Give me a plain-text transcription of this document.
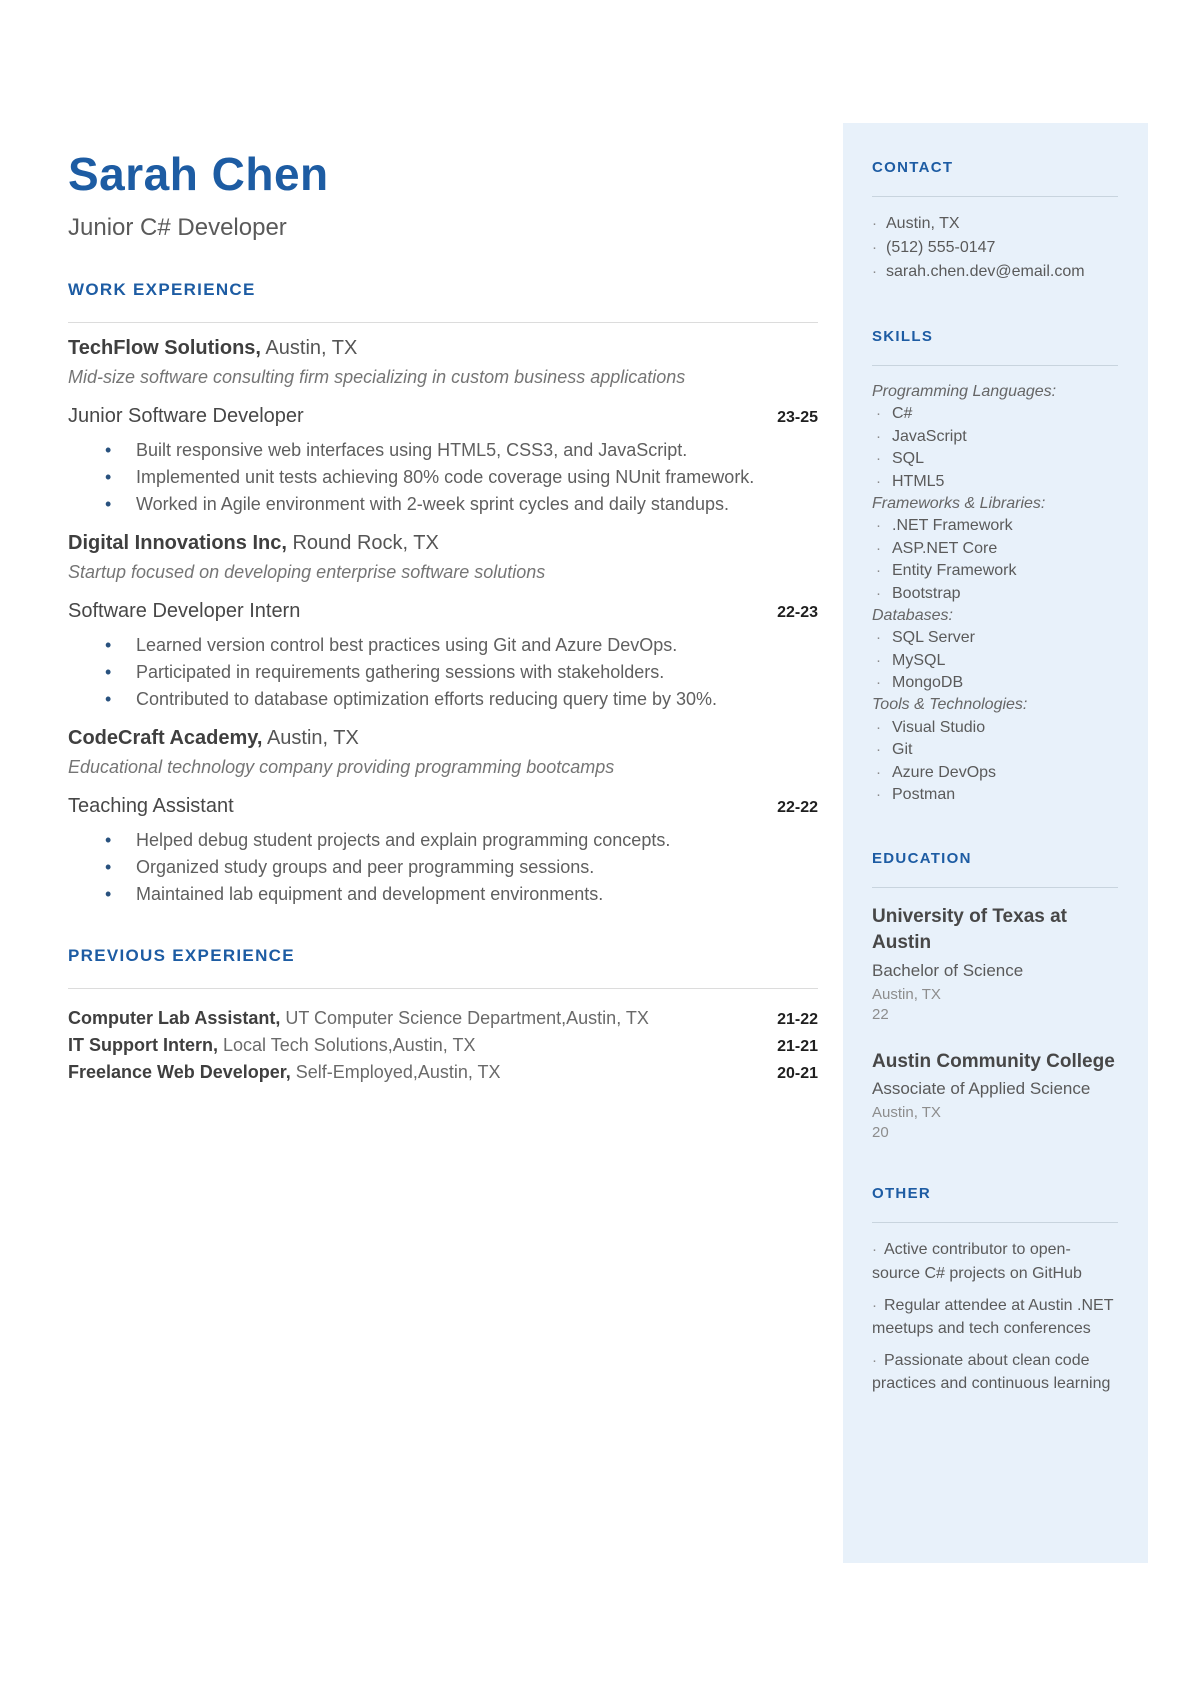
Sarah Chen
Junior C# Developer
WORK EXPERIENCE
TechFlow Solutions, Austin, TX
Mid-size software consulting firm specializing in custom business applications
Junior Software Developer	23-25
• Built responsive web interfaces using HTML5, CSS3, and JavaScript.
• Implemented unit tests achieving 80% code coverage using NUnit framework.
• Worked in Agile environment with 2-week sprint cycles and daily standups.
Digital Innovations Inc, Round Rock, TX
Startup focused on developing enterprise software solutions
Software Developer Intern	22-23
• Learned version control best practices using Git and Azure DevOps.
• Participated in requirements gathering sessions with stakeholders.
• Contributed to database optimization efforts reducing query time by 30%.
CodeCraft Academy, Austin, TX
Educational technology company providing programming bootcamps
Teaching Assistant	22-22
• Helped debug student projects and explain programming concepts.
• Organized study groups and peer programming sessions.
• Maintained lab equipment and development environments.
PREVIOUS EXPERIENCE
Computer Lab Assistant, UT Computer Science Department,Austin, TX	21-22
IT Support Intern, Local Tech Solutions,Austin, TX	21-21
Freelance Web Developer, Self-Employed,Austin, TX	20-21
CONTACT
· Austin, TX
· (512) 555-0147
· sarah.chen.dev@email.com
SKILLS
Programming Languages:
· C#
· JavaScript
· SQL
· HTML5
Frameworks & Libraries:
· .NET Framework
· ASP.NET Core
· Entity Framework
· Bootstrap
Databases:
· SQL Server
· MySQL
· MongoDB
Tools & Technologies:
· Visual Studio
· Git
· Azure DevOps
· Postman
EDUCATION
University of Texas at Austin
Bachelor of Science
Austin, TX
22
Austin Community College
Associate of Applied Science
Austin, TX
20
OTHER
· Active contributor to open-source C# projects on GitHub
· Regular attendee at Austin .NET meetups and tech conferences
· Passionate about clean code practices and continuous learning
